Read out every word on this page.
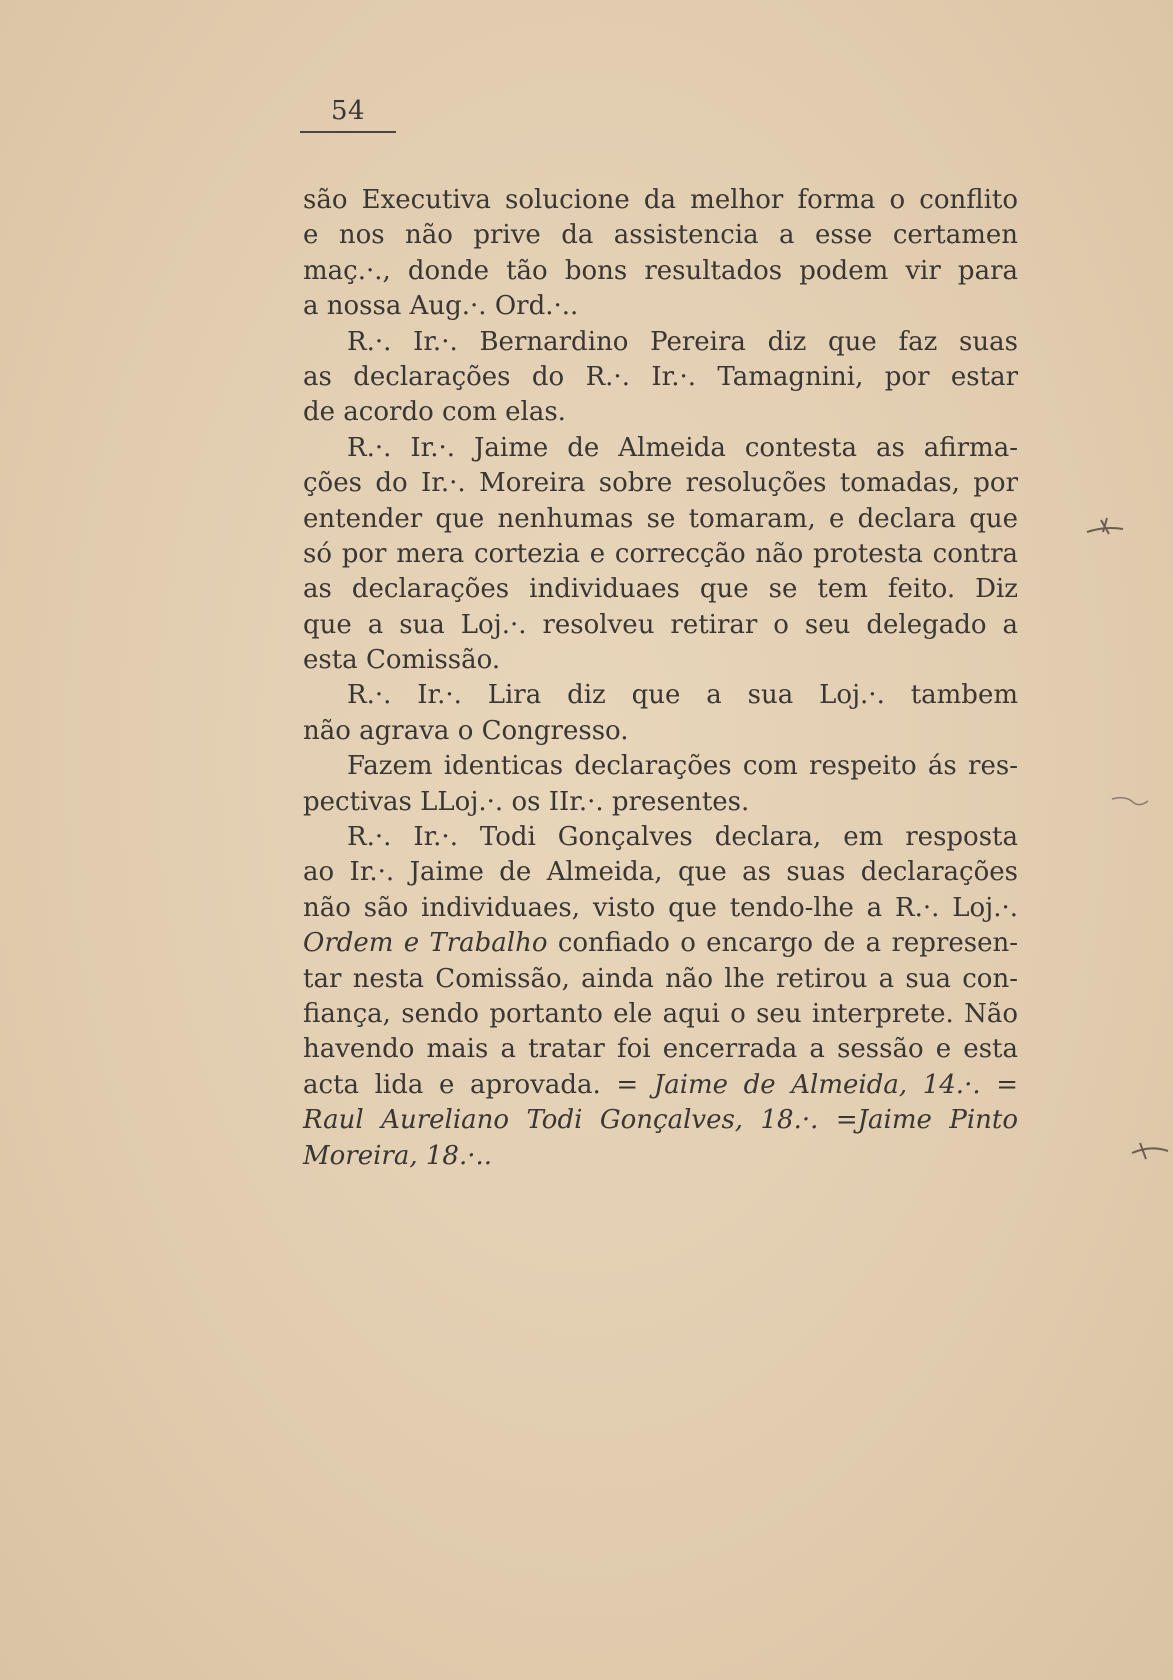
54
são Executiva solucione da melhor forma o conflito
e nos não prive da assistencia a esse certamen
maç.·., donde tão bons resultados podem vir para
a nossa Aug.·. Ord.·..
R.·. Ir.·. Bernardino Pereira diz que faz suas
as declarações do R.·. Ir.·. Tamagnini, por estar
de acordo com elas.
R.·. Ir.·. Jaime de Almeida contesta as afirma-
ções do Ir.·. Moreira sobre resoluções tomadas, por
entender que nenhumas se tomaram, e declara que
só por mera cortezia e correcção não protesta contra
as declarações individuaes que se tem feito. Diz
que a sua Loj.·. resolveu retirar o seu delegado a
esta Comissão.
R.·. Ir.·. Lira diz que a sua Loj.·. tambem
não agrava o Congresso.
Fazem identicas declarações com respeito ás res-
pectivas LLoj.·. os IIr.·. presentes.
R.·. Ir.·. Todi Gonçalves declara, em resposta
ao Ir.·. Jaime de Almeida, que as suas declarações
não são individuaes, visto que tendo-lhe a R.·. Loj.·.
Ordem e Trabalho confiado o encargo de a represen-
tar nesta Comissão, ainda não lhe retirou a sua con-
fiança, sendo portanto ele aqui o seu interprete. Não
havendo mais a tratar foi encerrada a sessão e esta
acta lida e aprovada. = Jaime de Almeida, 14.·. =
Raul Aureliano Todi Gonçalves, 18.·. =Jaime Pinto
Moreira, 18.·..
